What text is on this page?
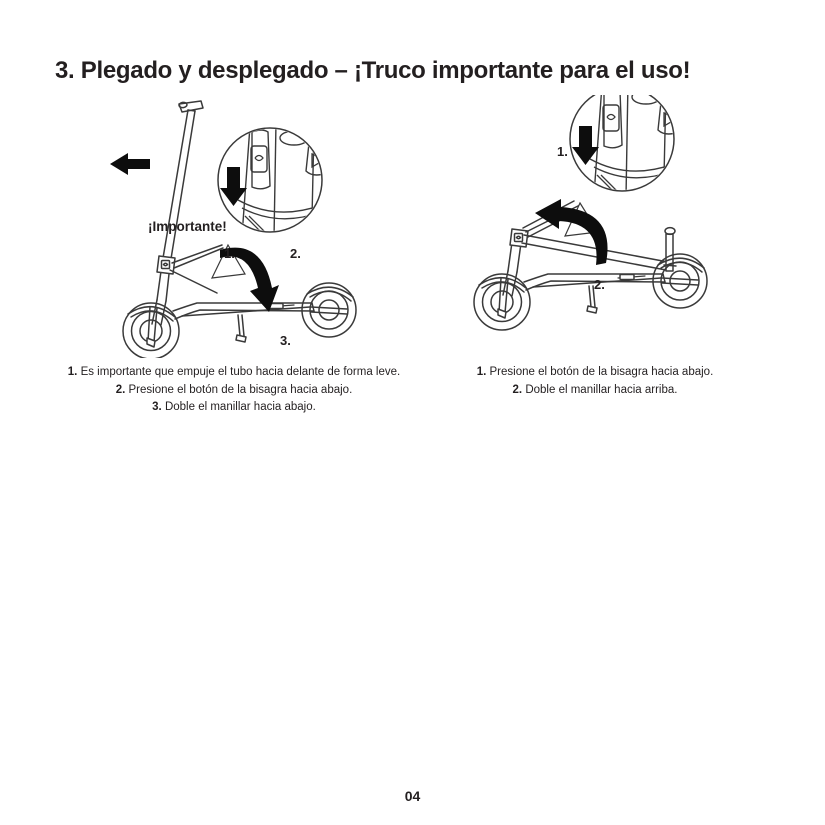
3. Plegado y desplegado – ¡Truco importante para el uso!
¡Importante!
1.	2.
3.
1.
2.
1. Es importante que empuje el tubo hacia delante de forma leve.
2. Presione el botón de la bisagra hacia abajo.
3. Doble el manillar hacia abajo.
1. Presione el botón de la bisagra hacia abajo.
2. Doble el manillar hacia arriba.
04
